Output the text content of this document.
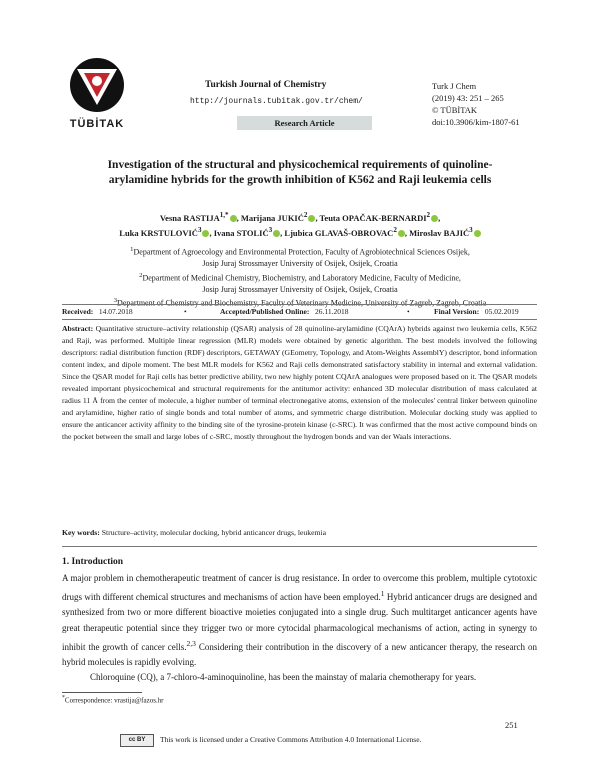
TÜBİTAK
Turkish Journal of Chemistry
http://journals.tubitak.gov.tr/chem/
Research Article
Turk J Chem
(2019) 43: 251 – 265
© TÜBİTAK
doi:10.3906/kim-1807-61
Investigation of the structural and physicochemical requirements of quinoline-arylamidine hybrids for the growth inhibition of K562 and Raji leukemia cells
Vesna $RASTIJA^{1,*}$ , Marijana JUKIĆ$^2$ , Teuta OPAČAK-BERNARDI$^2$ ,
Luka KRSTULOVIĆ$^3$ , Ivana STOLIĆ$^3$ , Ljubica GLAVAŠ-OBROVAC$^2$ , Miroslav BAJIĆ$^3$
$^1$Department of Agroecology and Environmental Protection, Faculty of Agrobiotechnical Sciences Osijek,
Josip Juraj Strossmayer University of Osijek, Osijek, Croatia
$^2$Department of Medicinal Chemistry, Biochemistry, and Laboratory Medicine, Faculty of Medicine,
Josip Juraj Strossmayer University of Osijek, Osijek, Croatia
$^3$Department of Chemistry and Biochemistry, Faculty of Veterinary Medicine, University of Zagreb, Zagreb, Croatia
Received: 14.07.2018	•	Accepted/Published Online: 26.11.2018	•	Final Version: 05.02.2019
Abstract: Quantitative structure–activity relationship (QSAR) analysis of 28 quinoline-arylamidine (CQArA) hybrids against two leukemia cells, K562 and Raji, was performed. Multiple linear regression (MLR) models were obtained by genetic algorithm. The best models involved the following descriptors: radial distribution function (RDF) descriptors, GETAWAY (GEometry, Topology, and Atom-Weights AssemblY) descriptor, bond information content index, and dipole moment. The best MLR models for K562 and Raji cells demonstrated satisfactory stability in internal and external validation. Since the QSAR model for Raji cells has better predictive ability, two new highly potent CQArA analogues were proposed based on it. The QSAR models revealed important physicochemical and structural requirements for the antitumor activity: enhanced 3D molecular distribution of mass calculated at radius 11 Å from the center of molecule, a higher number of terminal electronegative atoms, extension of the molecules' central linker between quinoline and arylamidine, higher ratio of single bonds and total number of atoms, and symmetric charge distribution. Molecular docking study was applied to ensure the anticancer activity affinity to the binding site of the tyrosine-protein kinase (c-SRC). It was confirmed that the most active compound binds on the pocket between the small and large lobes of c-SRC, mostly throughout the hydrogen bonds and van der Waals interactions.
Key words: Structure–activity, molecular docking, hybrid anticancer drugs, leukemia
1. Introduction

A major problem in chemotherapeutic treatment of cancer is drug resistance. In order to overcome this problem, multiple cytotoxic drugs with different chemical structures and mechanisms of action have been employed.$^1$ Hybrid anticancer drugs are designed and synthesized from two or more different bioactive moieties conjugated into a single drug. Such multitarget anticancer agents have great therapeutic potential since they trigger two or more cytocidal pharmacological mechanisms of action, acting in synergy to inhibit the growth of cancer cells.$^{2,3}$ Considering their contribution in the discovery of a new anticancer therapy, the research on hybrid molecules is rapidly evolving.

Chloroquine (CQ), a 7-chloro-4-aminoquinoline, has been the mainstay of malaria chemotherapy for years.

*Correspondence: vrastija@fazos.hr
251
cc BY	This work is licensed under a Creative Commons Attribution 4.0 International License.
